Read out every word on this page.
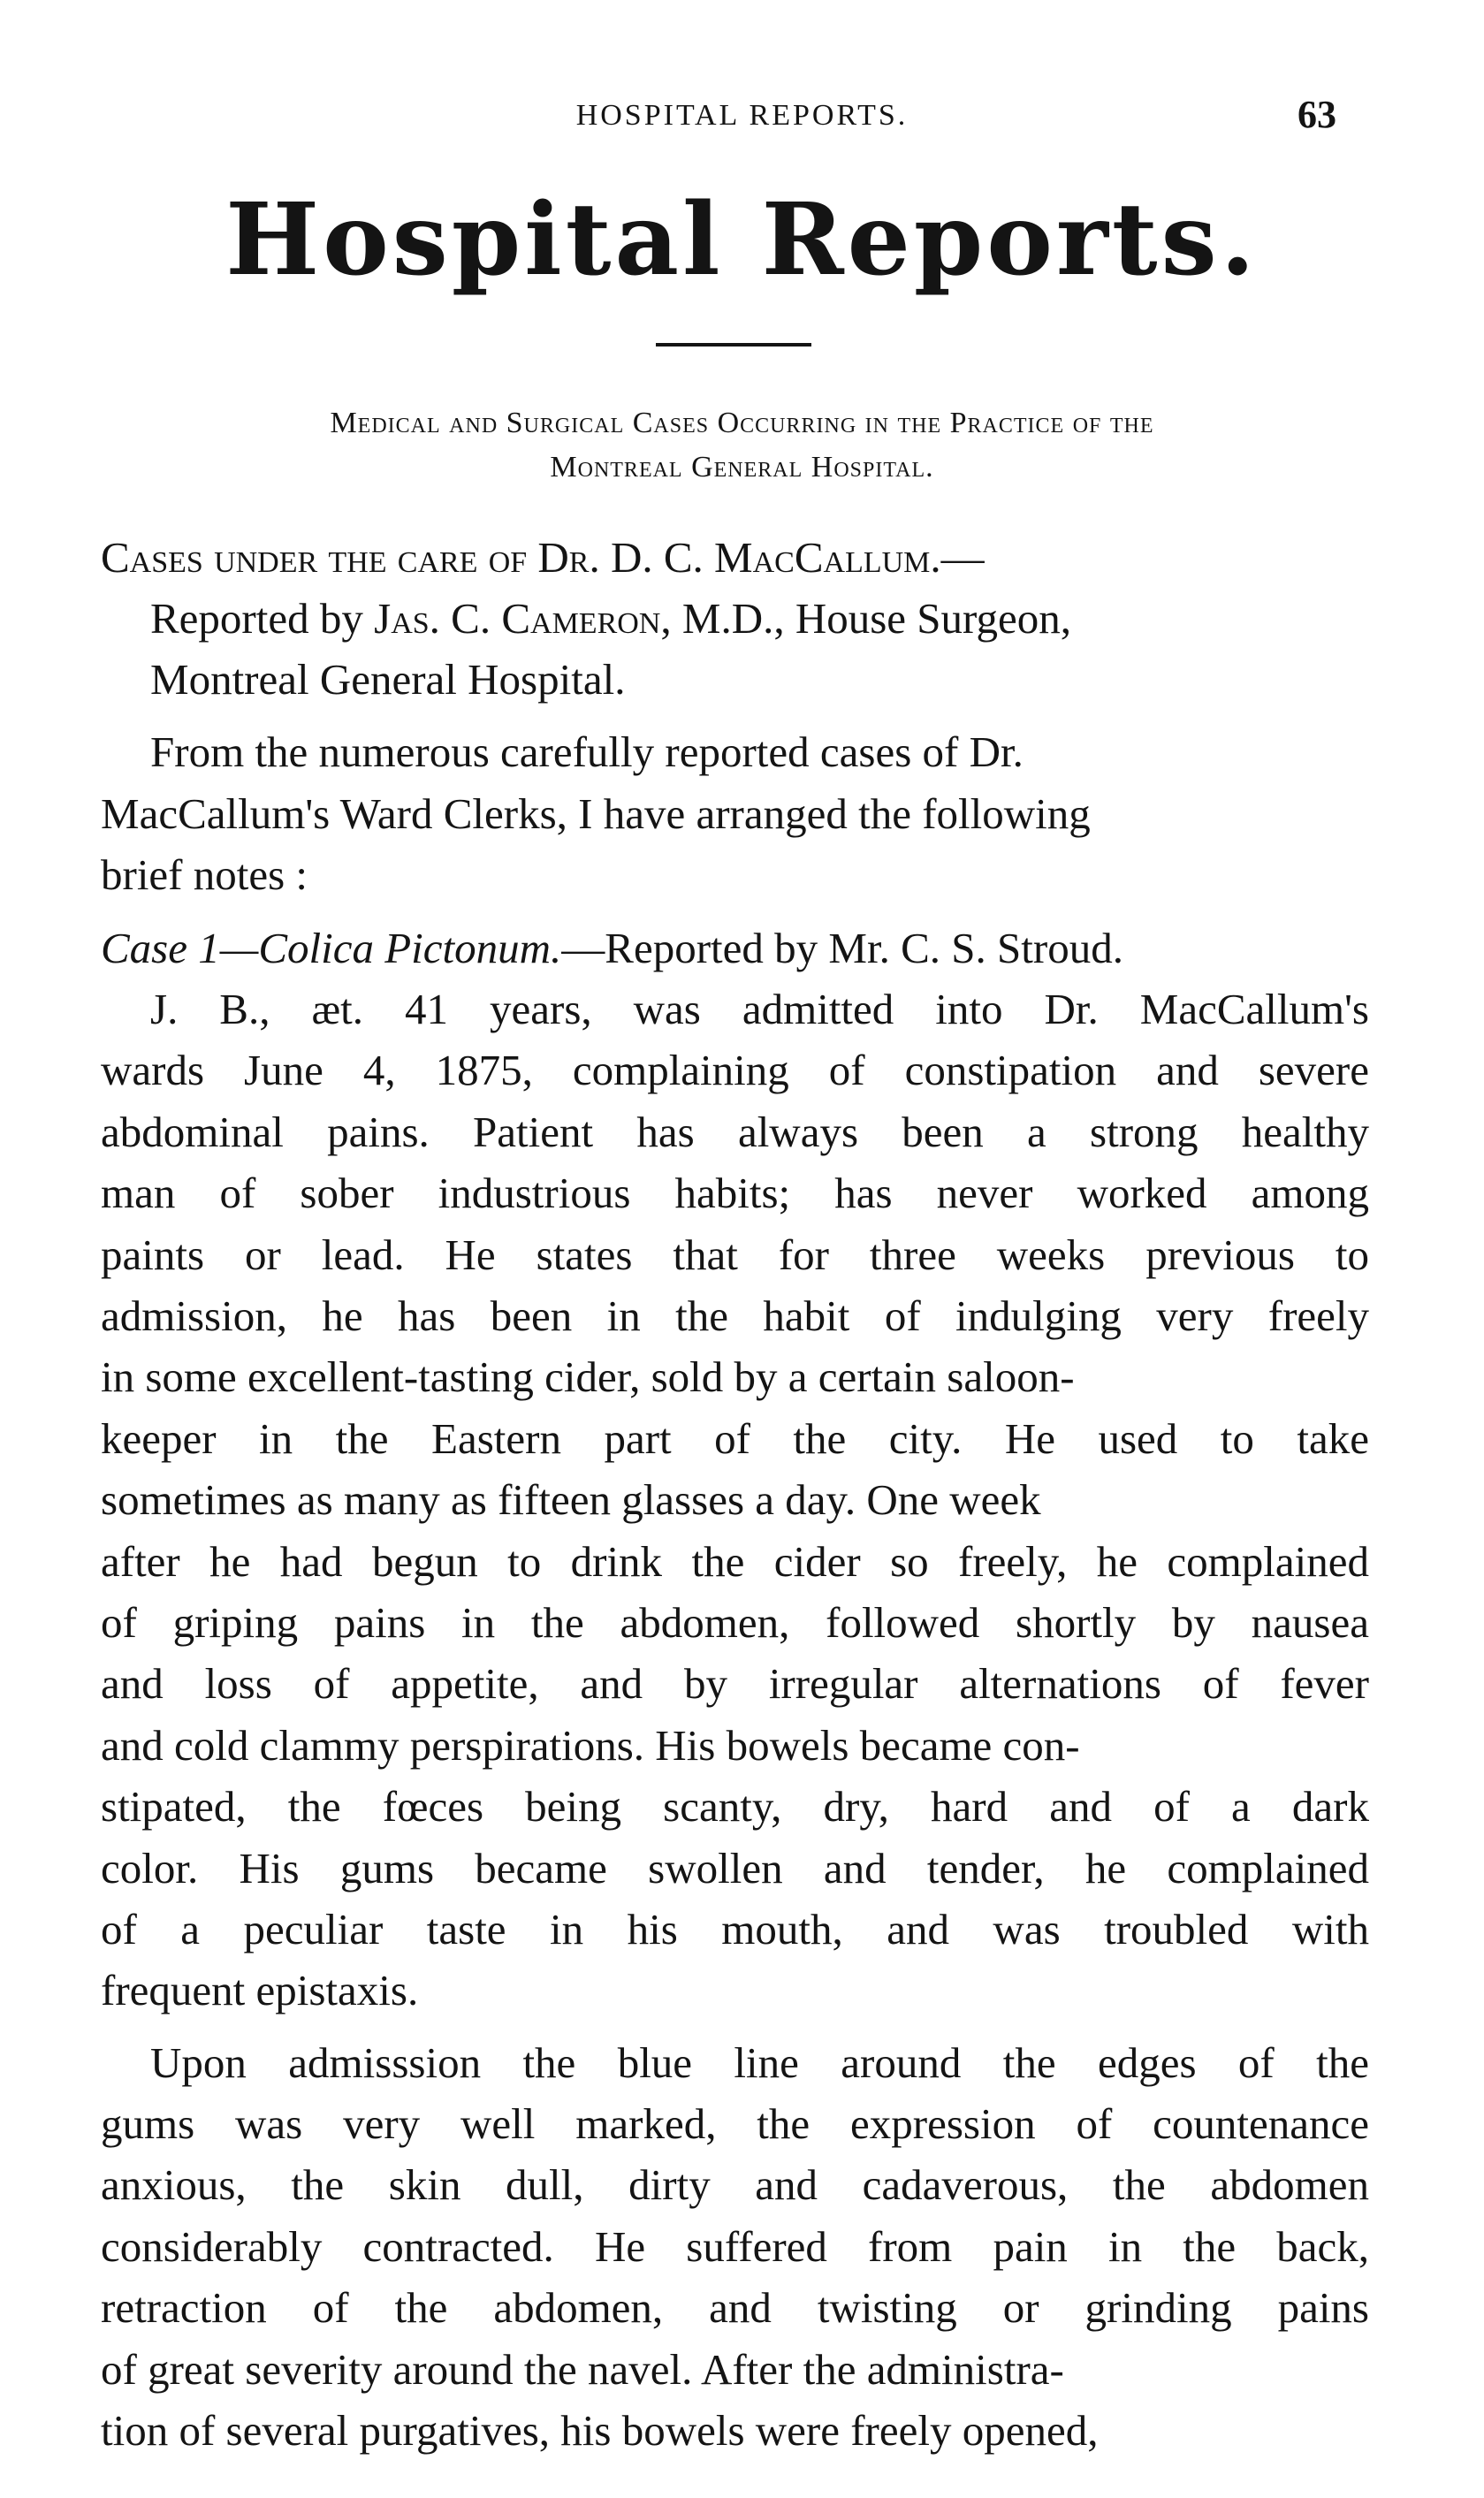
HOSPITAL REPORTS.	63
Hospital Reports.
Medical and Surgical Cases Occurring in the Practice of the
Montreal General Hospital.
Cases under the care of Dr. D. C. MacCallum.—
Reported by Jas. C. Cameron, M.D., House Surgeon,
Montreal General Hospital.
From the numerous carefully reported cases of Dr.
MacCallum's Ward Clerks, I have arranged the following
brief notes :
Case 1—Colica Pictonum.—Reported by Mr. C. S. Stroud.
J. B., æt. 41 years, was admitted into Dr. MacCallum's
wards June 4, 1875, complaining of constipation and severe
abdominal pains. Patient has always been a strong healthy
man of sober industrious habits; has never worked among
paints or lead. He states that for three weeks previous to
admission, he has been in the habit of indulging very freely
in some excellent-tasting cider, sold by a certain saloon-
keeper in the Eastern part of the city. He used to take
sometimes as many as fifteen glasses a day. One week
after he had begun to drink the cider so freely, he complained
of griping pains in the abdomen, followed shortly by nausea
and loss of appetite, and by irregular alternations of fever
and cold clammy perspirations. His bowels became con-
stipated, the fœces being scanty, dry, hard and of a dark
color. His gums became swollen and tender, he complained
of a peculiar taste in his mouth, and was troubled with
frequent epistaxis.
Upon admisssion the blue line around the edges of the
gums was very well marked, the expression of countenance
anxious, the skin dull, dirty and cadaverous, the abdomen
considerably contracted. He suffered from pain in the back,
retraction of the abdomen, and twisting or grinding pains
of great severity around the navel. After the administra-
tion of several purgatives, his bowels were freely opened,
